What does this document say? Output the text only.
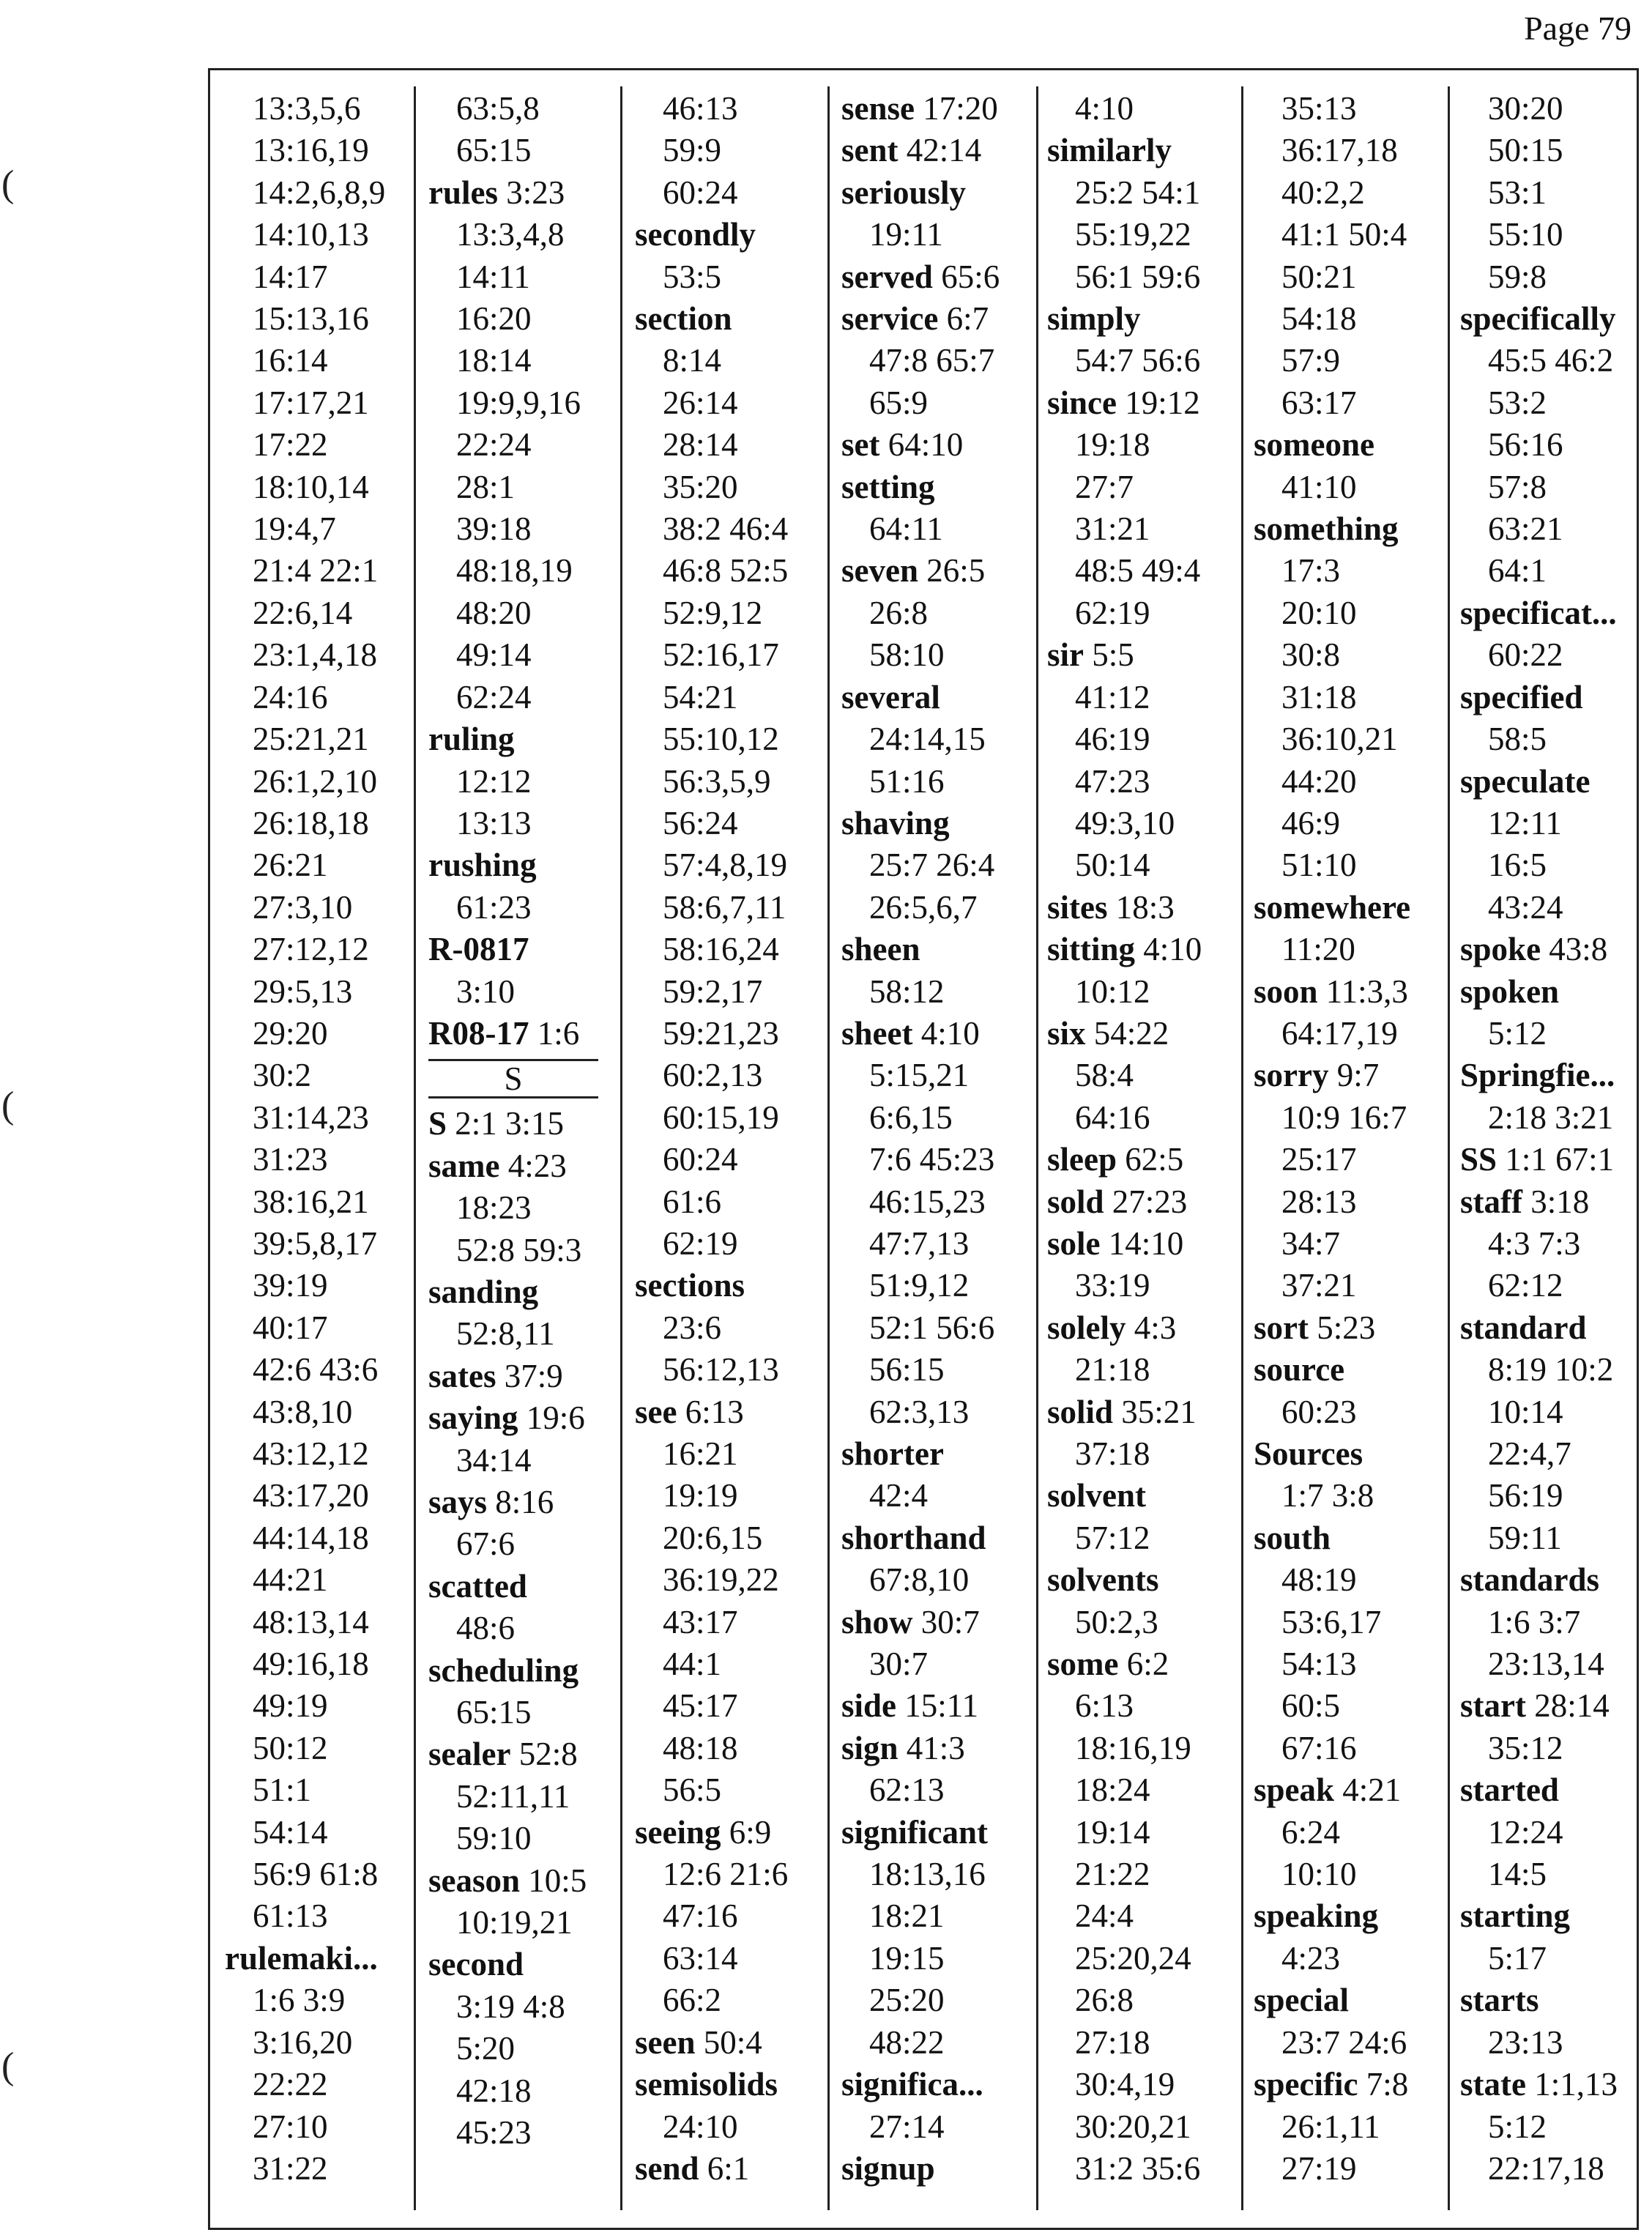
Page 79
(
(
(
13:3,5,6
13:16,19
14:2,6,8,9
14:10,13
14:17
15:13,16
16:14
17:17,21
17:22
18:10,14
19:4,7
21:4 22:1
22:6,14
23:1,4,18
24:16
25:21,21
26:1,2,10
26:18,18
26:21
27:3,10
27:12,12
29:5,13
29:20
30:2
31:14,23
31:23
38:16,21
39:5,8,17
39:19
40:17
42:6 43:6
43:8,10
43:12,12
43:17,20
44:14,18
44:21
48:13,14
49:16,18
49:19
50:12
51:1
54:14
56:9 61:8
61:13
rulemaki...
1:6 3:9
3:16,20
22:22
27:10
31:22
63:5,8
65:15
rules 3:23
13:3,4,8
14:11
16:20
18:14
19:9,9,16
22:24
28:1
39:18
48:18,19
48:20
49:14
62:24
ruling
12:12
13:13
rushing
61:23
R-0817
3:10
R08-17 1:6
S
S 2:1 3:15
same 4:23
18:23
52:8 59:3
sanding
52:8,11
sates 37:9
saying 19:6
34:14
says 8:16
67:6
scatted
48:6
scheduling
65:15
sealer 52:8
52:11,11
59:10
season 10:5
10:19,21
second
3:19 4:8
5:20
42:18
45:23
46:13
59:9
60:24
secondly
53:5
section
8:14
26:14
28:14
35:20
38:2 46:4
46:8 52:5
52:9,12
52:16,17
54:21
55:10,12
56:3,5,9
56:24
57:4,8,19
58:6,7,11
58:16,24
59:2,17
59:21,23
60:2,13
60:15,19
60:24
61:6
62:19
sections
23:6
56:12,13
see 6:13
16:21
19:19
20:6,15
36:19,22
43:17
44:1
45:17
48:18
56:5
seeing 6:9
12:6 21:6
47:16
63:14
66:2
seen 50:4
semisolids
24:10
send 6:1
sense 17:20
sent 42:14
seriously
19:11
served 65:6
service 6:7
47:8 65:7
65:9
set 64:10
setting
64:11
seven 26:5
26:8
58:10
several
24:14,15
51:16
shaving
25:7 26:4
26:5,6,7
sheen
58:12
sheet 4:10
5:15,21
6:6,15
7:6 45:23
46:15,23
47:7,13
51:9,12
52:1 56:6
56:15
62:3,13
shorter
42:4
shorthand
67:8,10
show 30:7
30:7
side 15:11
sign 41:3
62:13
significant
18:13,16
18:21
19:15
25:20
48:22
significa...
27:14
signup
4:10
similarly
25:2 54:1
55:19,22
56:1 59:6
simply
54:7 56:6
since 19:12
19:18
27:7
31:21
48:5 49:4
62:19
sir 5:5
41:12
46:19
47:23
49:3,10
50:14
sites 18:3
sitting 4:10
10:12
six 54:22
58:4
64:16
sleep 62:5
sold 27:23
sole 14:10
33:19
solely 4:3
21:18
solid 35:21
37:18
solvent
57:12
solvents
50:2,3
some 6:2
6:13
18:16,19
18:24
19:14
21:22
24:4
25:20,24
26:8
27:18
30:4,19
30:20,21
31:2 35:6
35:13
36:17,18
40:2,2
41:1 50:4
50:21
54:18
57:9
63:17
someone
41:10
something
17:3
20:10
30:8
31:18
36:10,21
44:20
46:9
51:10
somewhere
11:20
soon 11:3,3
64:17,19
sorry 9:7
10:9 16:7
25:17
28:13
34:7
37:21
sort 5:23
source
60:23
Sources
1:7 3:8
south
48:19
53:6,17
54:13
60:5
67:16
speak 4:21
6:24
10:10
speaking
4:23
special
23:7 24:6
specific 7:8
26:1,11
27:19
30:20
50:15
53:1
55:10
59:8
specifically
45:5 46:2
53:2
56:16
57:8
63:21
64:1
specificat...
60:22
specified
58:5
speculate
12:11
16:5
43:24
spoke 43:8
spoken
5:12
Springfie...
2:18 3:21
SS 1:1 67:1
staff 3:18
4:3 7:3
62:12
standard
8:19 10:2
10:14
22:4,7
56:19
59:11
standards
1:6 3:7
23:13,14
start 28:14
35:12
started
12:24
14:5
starting
5:17
starts
23:13
state 1:1,13
5:12
22:17,18
